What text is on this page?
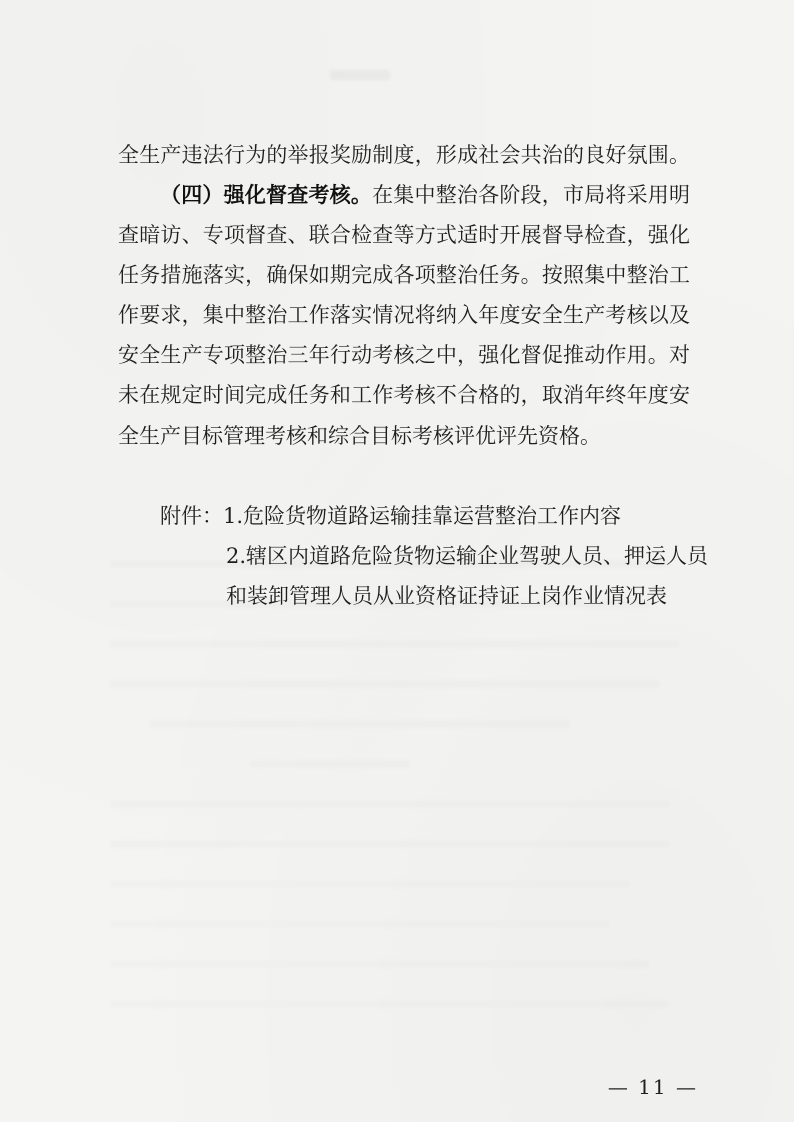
全生产违法行为的举报奖励制度，形成社会共治的良好氛围。
（四）强化督查考核。在集中整治各阶段，市局将采用明
查暗访、专项督查、联合检查等方式适时开展督导检查，强化
任务措施落实，确保如期完成各项整治任务。按照集中整治工
作要求，集中整治工作落实情况将纳入年度安全生产考核以及
安全生产专项整治三年行动考核之中，强化督促推动作用。对
未在规定时间完成任务和工作考核不合格的，取消年终年度安
全生产目标管理考核和综合目标考核评优评先资格。
附件：1.危险货物道路运输挂靠运营整治工作内容
2.辖区内道路危险货物运输企业驾驶人员、押运人员
和装卸管理人员从业资格证持证上岗作业情况表
— 11 —
